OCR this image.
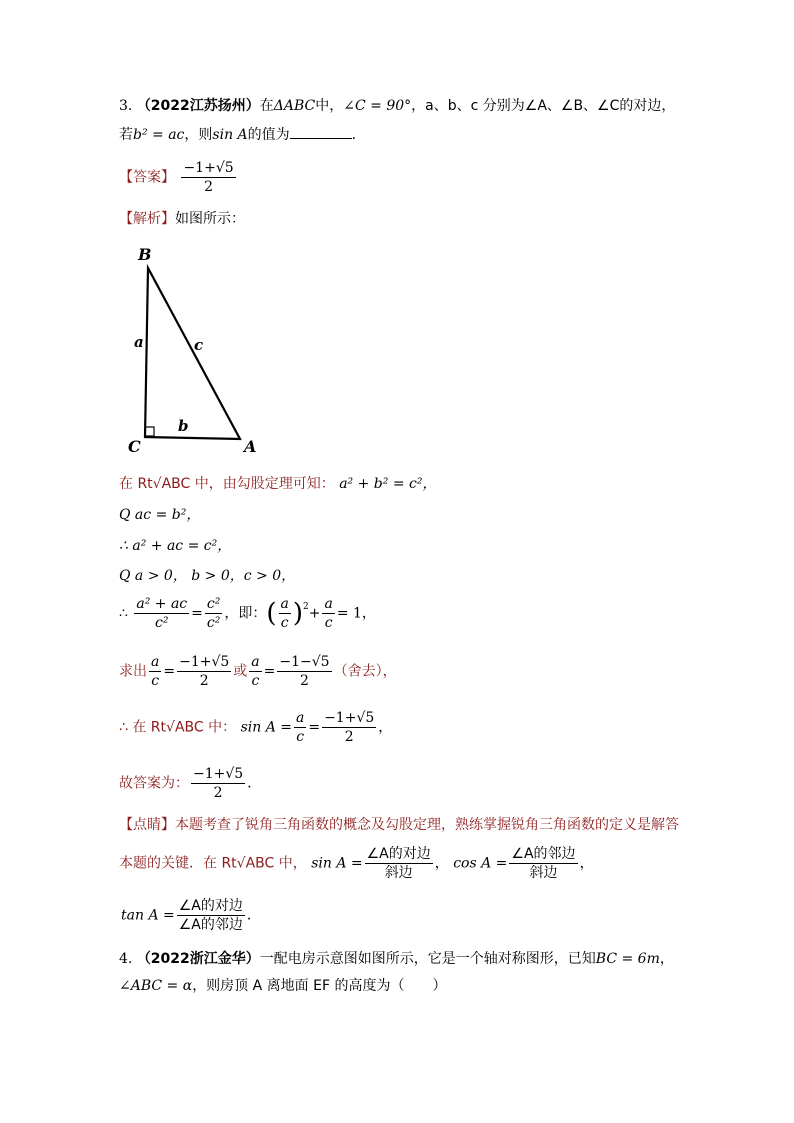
3. （2022江苏扬州）在ΔABC中，∠C = 90°，a、b、c 分别为∠A、∠B、∠C的对边，
若b² = ac，则sin A的值为	．
【答案】 $\frac{-1+√5}{2}$
【解析】如图所示：
B
C	A
a	c
b
在 Rt√ABC 中，由勾股定理可知： a² + b² = c²，
Q ac = b²，
∴ a² + ac = c²，
Q a > 0， b > 0，c > 0，
∴ $\frac{\text{a² + ac}}{\text{c²}} = \frac{\text{c²}}{\text{c²}}$ ，即：( $\frac{a}{c} )^2+ \frac{a}{c} = 1$，
求出 $\frac{a}{c} = \frac{-1+√5}{2}$ 或 $\frac{a}{c} = \frac{-1-√5}{2}$ （舍去），
∴ 在 Rt√ABC 中： $\sin A = \frac{a}{c} = \frac{-1+√5}{2}$ ，
故答案为： $\frac{-1+√5}{2}$ ．
【点睛】本题考查了锐角三角函数的概念及勾股定理，熟练掌握锐角三角函数的定义是解答
本题的关键．在 Rt√ABC 中， $\sin A = \frac{\text{∠A的对边}}{\text{斜边}}$ ， $\cos A = \frac{\text{∠A的邻边}}{\text{斜边}}$ ，
$\tan A = \frac{\text{∠A的对边}}{\text{∠A的邻边}}$ ．
4. （2022浙江金华）一配电房示意图如图所示，它是一个轴对称图形，已知BC = 6m，
∠ABC = α，则房顶 A 离地面 EF 的高度为（　　）
